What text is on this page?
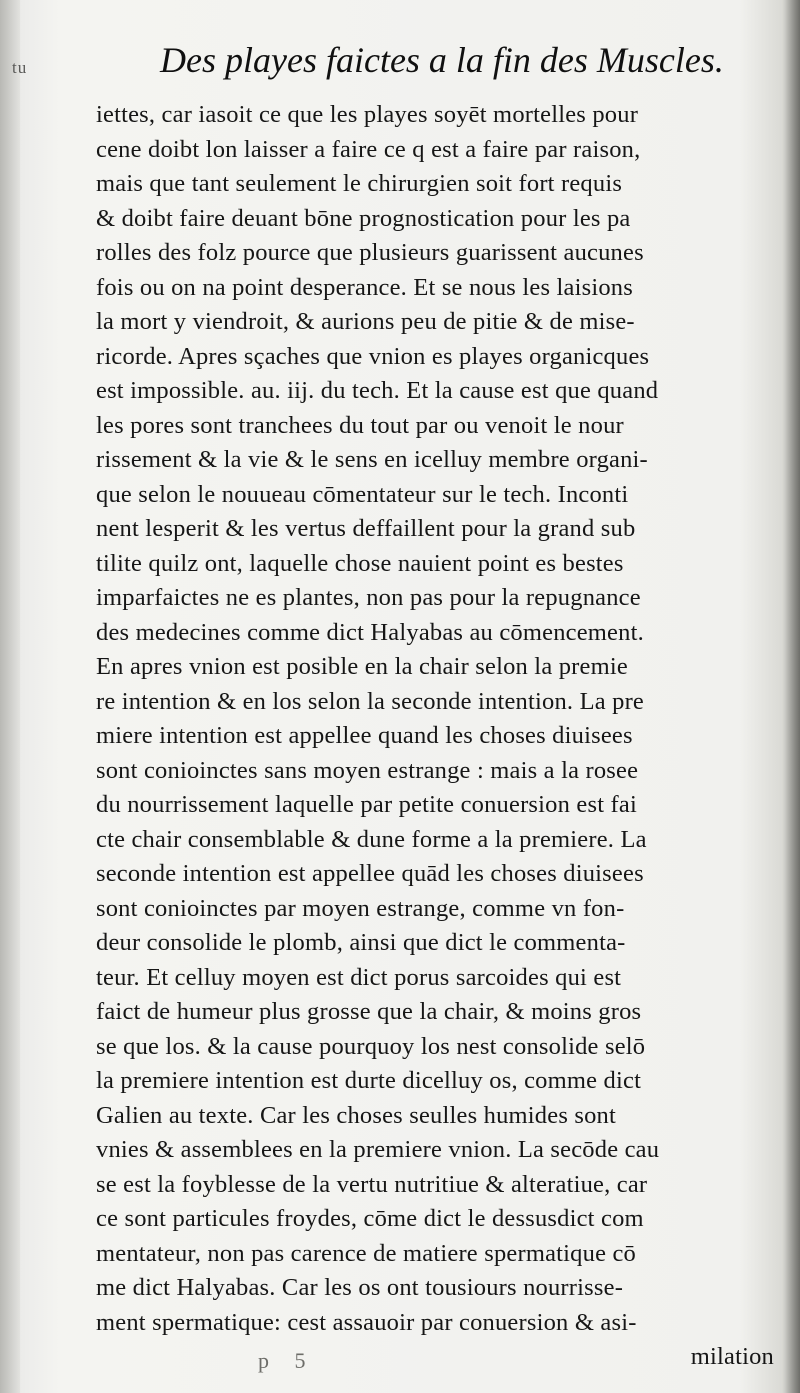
tu	Des playes faictes a la fin des Muscles.
iettes, car iasoit ce que les playes soyēt mortelles pour
cene doibt lon laisser a faire ce q est a faire par raison,
mais que tant seulement le chirurgien soit fort requis
& doibt faire deuant bōne prognostication pour les pa
rolles des folz pource que plusieurs guarissent aucunes
fois ou on na point desperance. Et se nous les laisions
la mort y viendroit, & aurions peu de pitie & de mise-
ricorde. Apres sçaches que vnion es playes organicques
est impossible. au. iij. du tech. Et la cause est que quand
les pores sont tranchees du tout par ou venoit le nour
rissement & la vie & le sens en icelluy membre organi-
que selon le nouueau cōmentateur sur le tech. Inconti
nent lesperit & les vertus deffaillent pour la grand sub
tilite quilz ont, laquelle chose nauient point es bestes
imparfaictes ne es plantes, non pas pour la repugnance
des medecines comme dict Halyabas au cōmencement.
En apres vnion est posible en la chair selon la premie
re intention & en los selon la seconde intention. La pre
miere intention est appellee quand les choses diuisees
sont conioinctes sans moyen estrange : mais a la rosee
du nourrissement laquelle par petite conuersion est fai
cte chair consemblable & dune forme a la premiere. La
seconde intention est appellee quād les choses diuisees
sont conioinctes par moyen estrange, comme vn fon-
deur consolide le plomb, ainsi que dict le commenta-
teur. Et celluy moyen est dict porus sarcoides qui est
faict de humeur plus grosse que la chair, & moins gros
se que los. & la cause pourquoy los nest consolide selō
la premiere intention est durte dicelluy os, comme dict
Galien au texte. Car les choses seulles humides sont
vnies & assemblees en la premiere vnion. La secōde cau
se est la foyblesse de la vertu nutritiue & alteratiue, car
ce sont particules froydes, cōme dict le dessusdict com
mentateur, non pas carence de matiere spermatique cō
me dict Halyabas. Car les os ont tousiours nourrisse-
ment spermatique: cest assauoir par conuersion & asi-
milation
p 5
